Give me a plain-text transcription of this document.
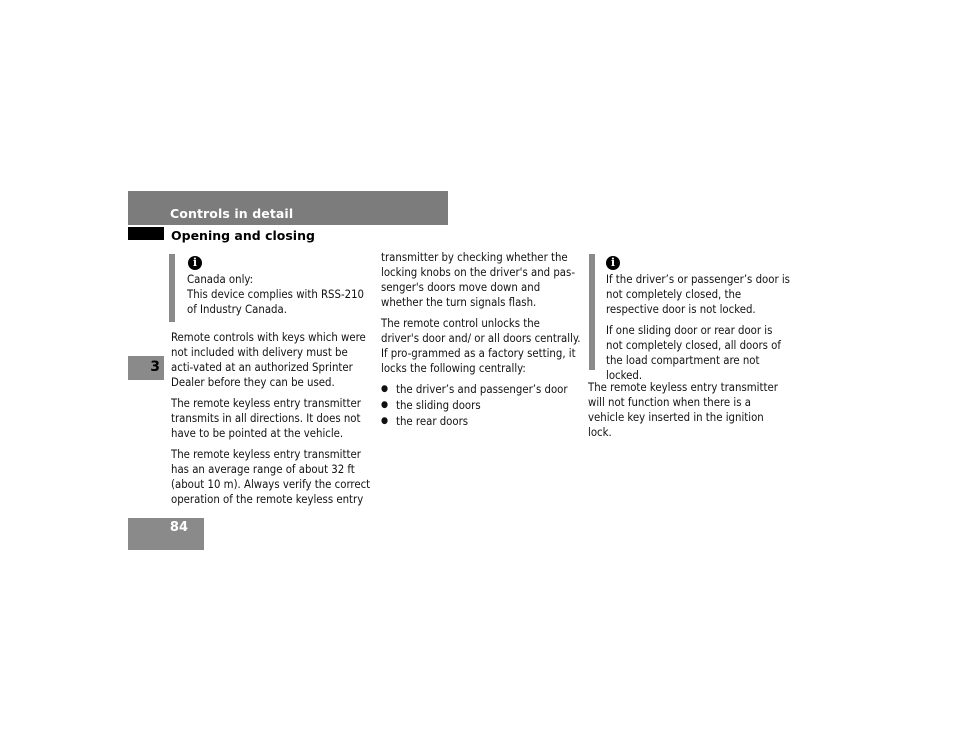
Controls in detail
Opening and closing
3
84
i
Canada only:
This device complies with RSS-210 of Industry Canada.

Remote controls with keys which were not included with delivery must be acti-vated at an authorized Sprinter Dealer before they can be used.

The remote keyless entry transmitter transmits in all directions. It does not have to be pointed at the vehicle.

The remote keyless entry transmitter has an average range of about 32 ft (about 10 m). Always verify the correct operation of the remote keyless entry

transmitter by checking whether the locking knobs on the driver's and pas-senger's doors move down and whether the turn signals flash.

The remote control unlocks the driver's door and/ or all doors centrally. If pro-grammed as a factory setting, it locks the following centrally:

● the driver’s and passenger’s door
● the sliding doors
● the rear doors
i

If the driver’s or passenger’s door is not completely closed, the respective door is not locked.

If one sliding door or rear door is not completely closed, all doors of the load compartment are not locked.

The remote keyless entry transmitter will not function when there is a vehicle key inserted in the ignition lock.
